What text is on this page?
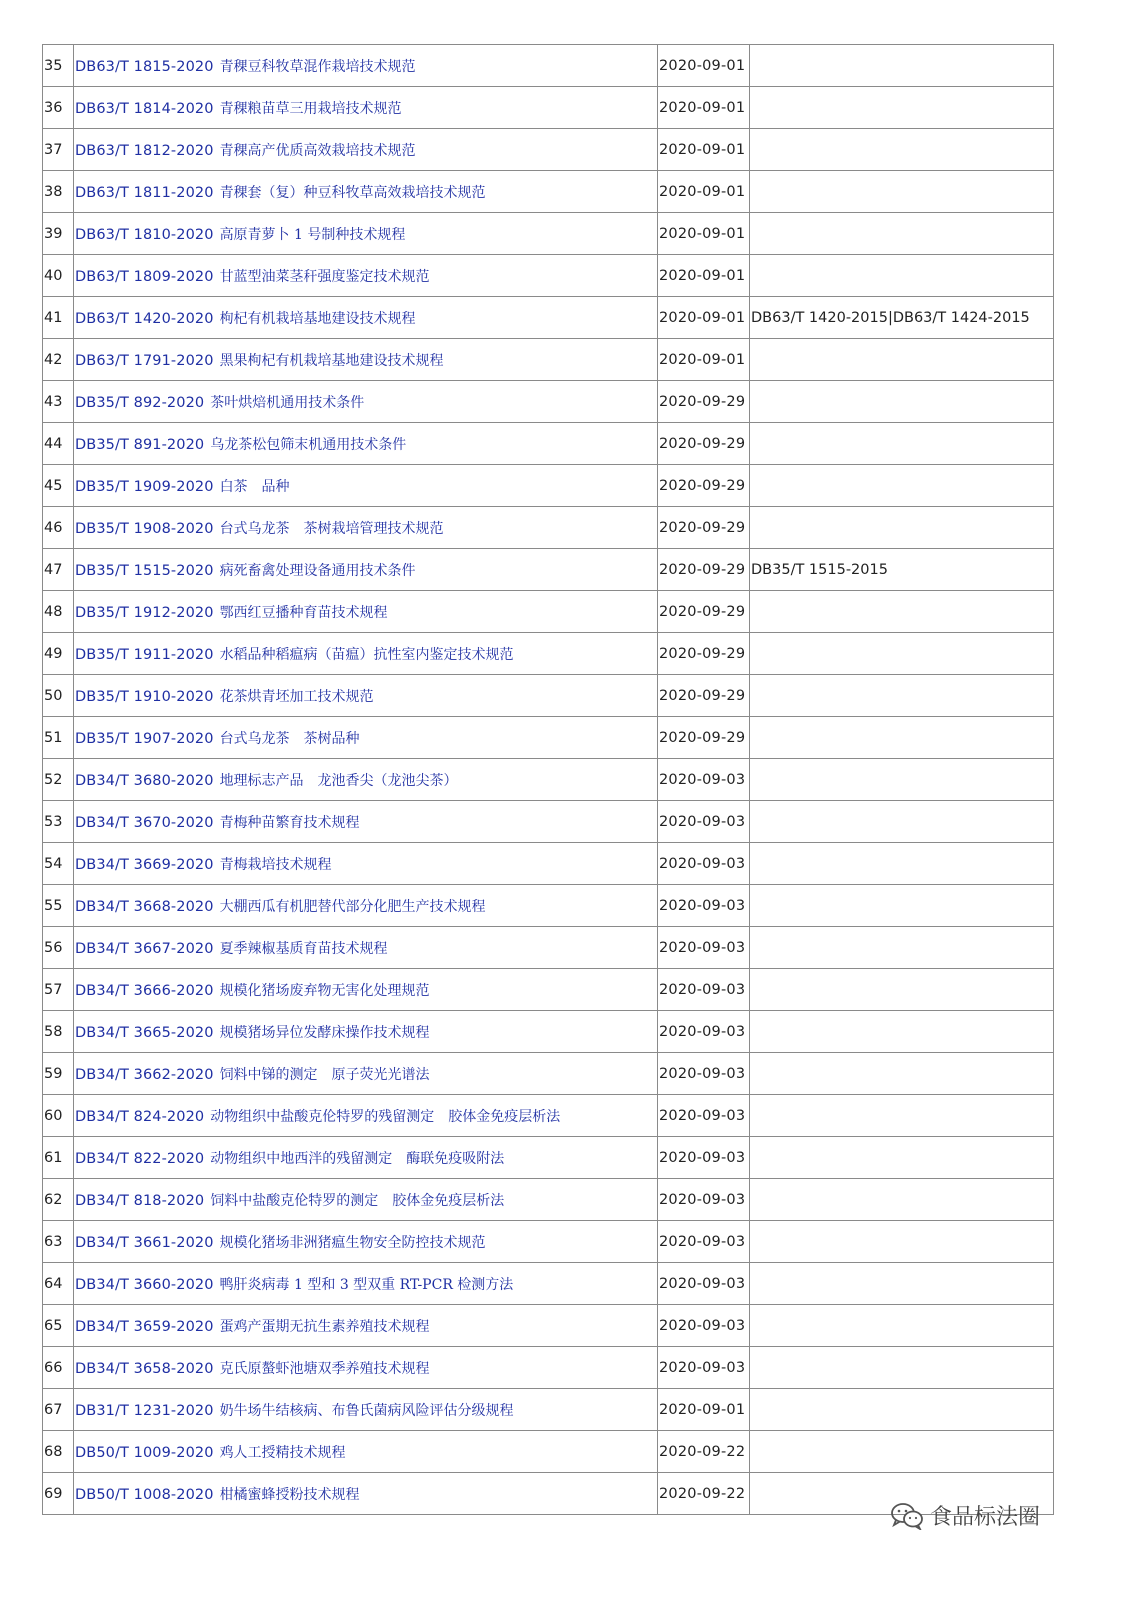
35	DB63/T 1815-2020 青稞豆科牧草混作栽培技术规范	2020-09-01	
36	DB63/T 1814-2020 青稞粮苗草三用栽培技术规范	2020-09-01	
37	DB63/T 1812-2020 青稞高产优质高效栽培技术规范	2020-09-01	
38	DB63/T 1811-2020 青稞套（复）种豆科牧草高效栽培技术规范	2020-09-01	
39	DB63/T 1810-2020 高原青萝卜 1 号制种技术规程	2020-09-01	
40	DB63/T 1809-2020 甘蓝型油菜茎秆强度鉴定技术规范	2020-09-01	
41	DB63/T 1420-2020 枸杞有机栽培基地建设技术规程	2020-09-01	DB63/T 1420-2015|DB63/T 1424-2015
42	DB63/T 1791-2020 黑果枸杞有机栽培基地建设技术规程	2020-09-01	
43	DB35/T 892-2020 茶叶烘焙机通用技术条件	2020-09-29	
44	DB35/T 891-2020 乌龙茶松包筛末机通用技术条件	2020-09-29	
45	DB35/T 1909-2020 白茶　品种	2020-09-29	
46	DB35/T 1908-2020 台式乌龙茶　茶树栽培管理技术规范	2020-09-29	
47	DB35/T 1515-2020 病死畜禽处理设备通用技术条件	2020-09-29	DB35/T 1515-2015
48	DB35/T 1912-2020 鄂西红豆播种育苗技术规程	2020-09-29	
49	DB35/T 1911-2020 水稻品种稻瘟病（苗瘟）抗性室内鉴定技术规范	2020-09-29	
50	DB35/T 1910-2020 花茶烘青坯加工技术规范	2020-09-29	
51	DB35/T 1907-2020 台式乌龙茶　茶树品种	2020-09-29	
52	DB34/T 3680-2020 地理标志产品　龙池香尖（龙池尖茶）	2020-09-03	
53	DB34/T 3670-2020 青梅种苗繁育技术规程	2020-09-03	
54	DB34/T 3669-2020 青梅栽培技术规程	2020-09-03	
55	DB34/T 3668-2020 大棚西瓜有机肥替代部分化肥生产技术规程	2020-09-03	
56	DB34/T 3667-2020 夏季辣椒基质育苗技术规程	2020-09-03	
57	DB34/T 3666-2020 规模化猪场废弃物无害化处理规范	2020-09-03	
58	DB34/T 3665-2020 规模猪场异位发酵床操作技术规程	2020-09-03	
59	DB34/T 3662-2020 饲料中锑的测定　原子荧光光谱法	2020-09-03	
60	DB34/T 824-2020 动物组织中盐酸克伦特罗的残留测定　胶体金免疫层析法	2020-09-03	
61	DB34/T 822-2020 动物组织中地西泮的残留测定　酶联免疫吸附法	2020-09-03	
62	DB34/T 818-2020 饲料中盐酸克伦特罗的测定　胶体金免疫层析法	2020-09-03	
63	DB34/T 3661-2020 规模化猪场非洲猪瘟生物安全防控技术规范	2020-09-03	
64	DB34/T 3660-2020 鸭肝炎病毒 1 型和 3 型双重 RT-PCR 检测方法	2020-09-03	
65	DB34/T 3659-2020 蛋鸡产蛋期无抗生素养殖技术规程	2020-09-03	
66	DB34/T 3658-2020 克氏原螯虾池塘双季养殖技术规程	2020-09-03	
67	DB31/T 1231-2020 奶牛场牛结核病、布鲁氏菌病风险评估分级规程	2020-09-01	
68	DB50/T 1009-2020 鸡人工授精技术规程	2020-09-22	
69	DB50/T 1008-2020 柑橘蜜蜂授粉技术规程	2020-09-22	
食品标法圈
